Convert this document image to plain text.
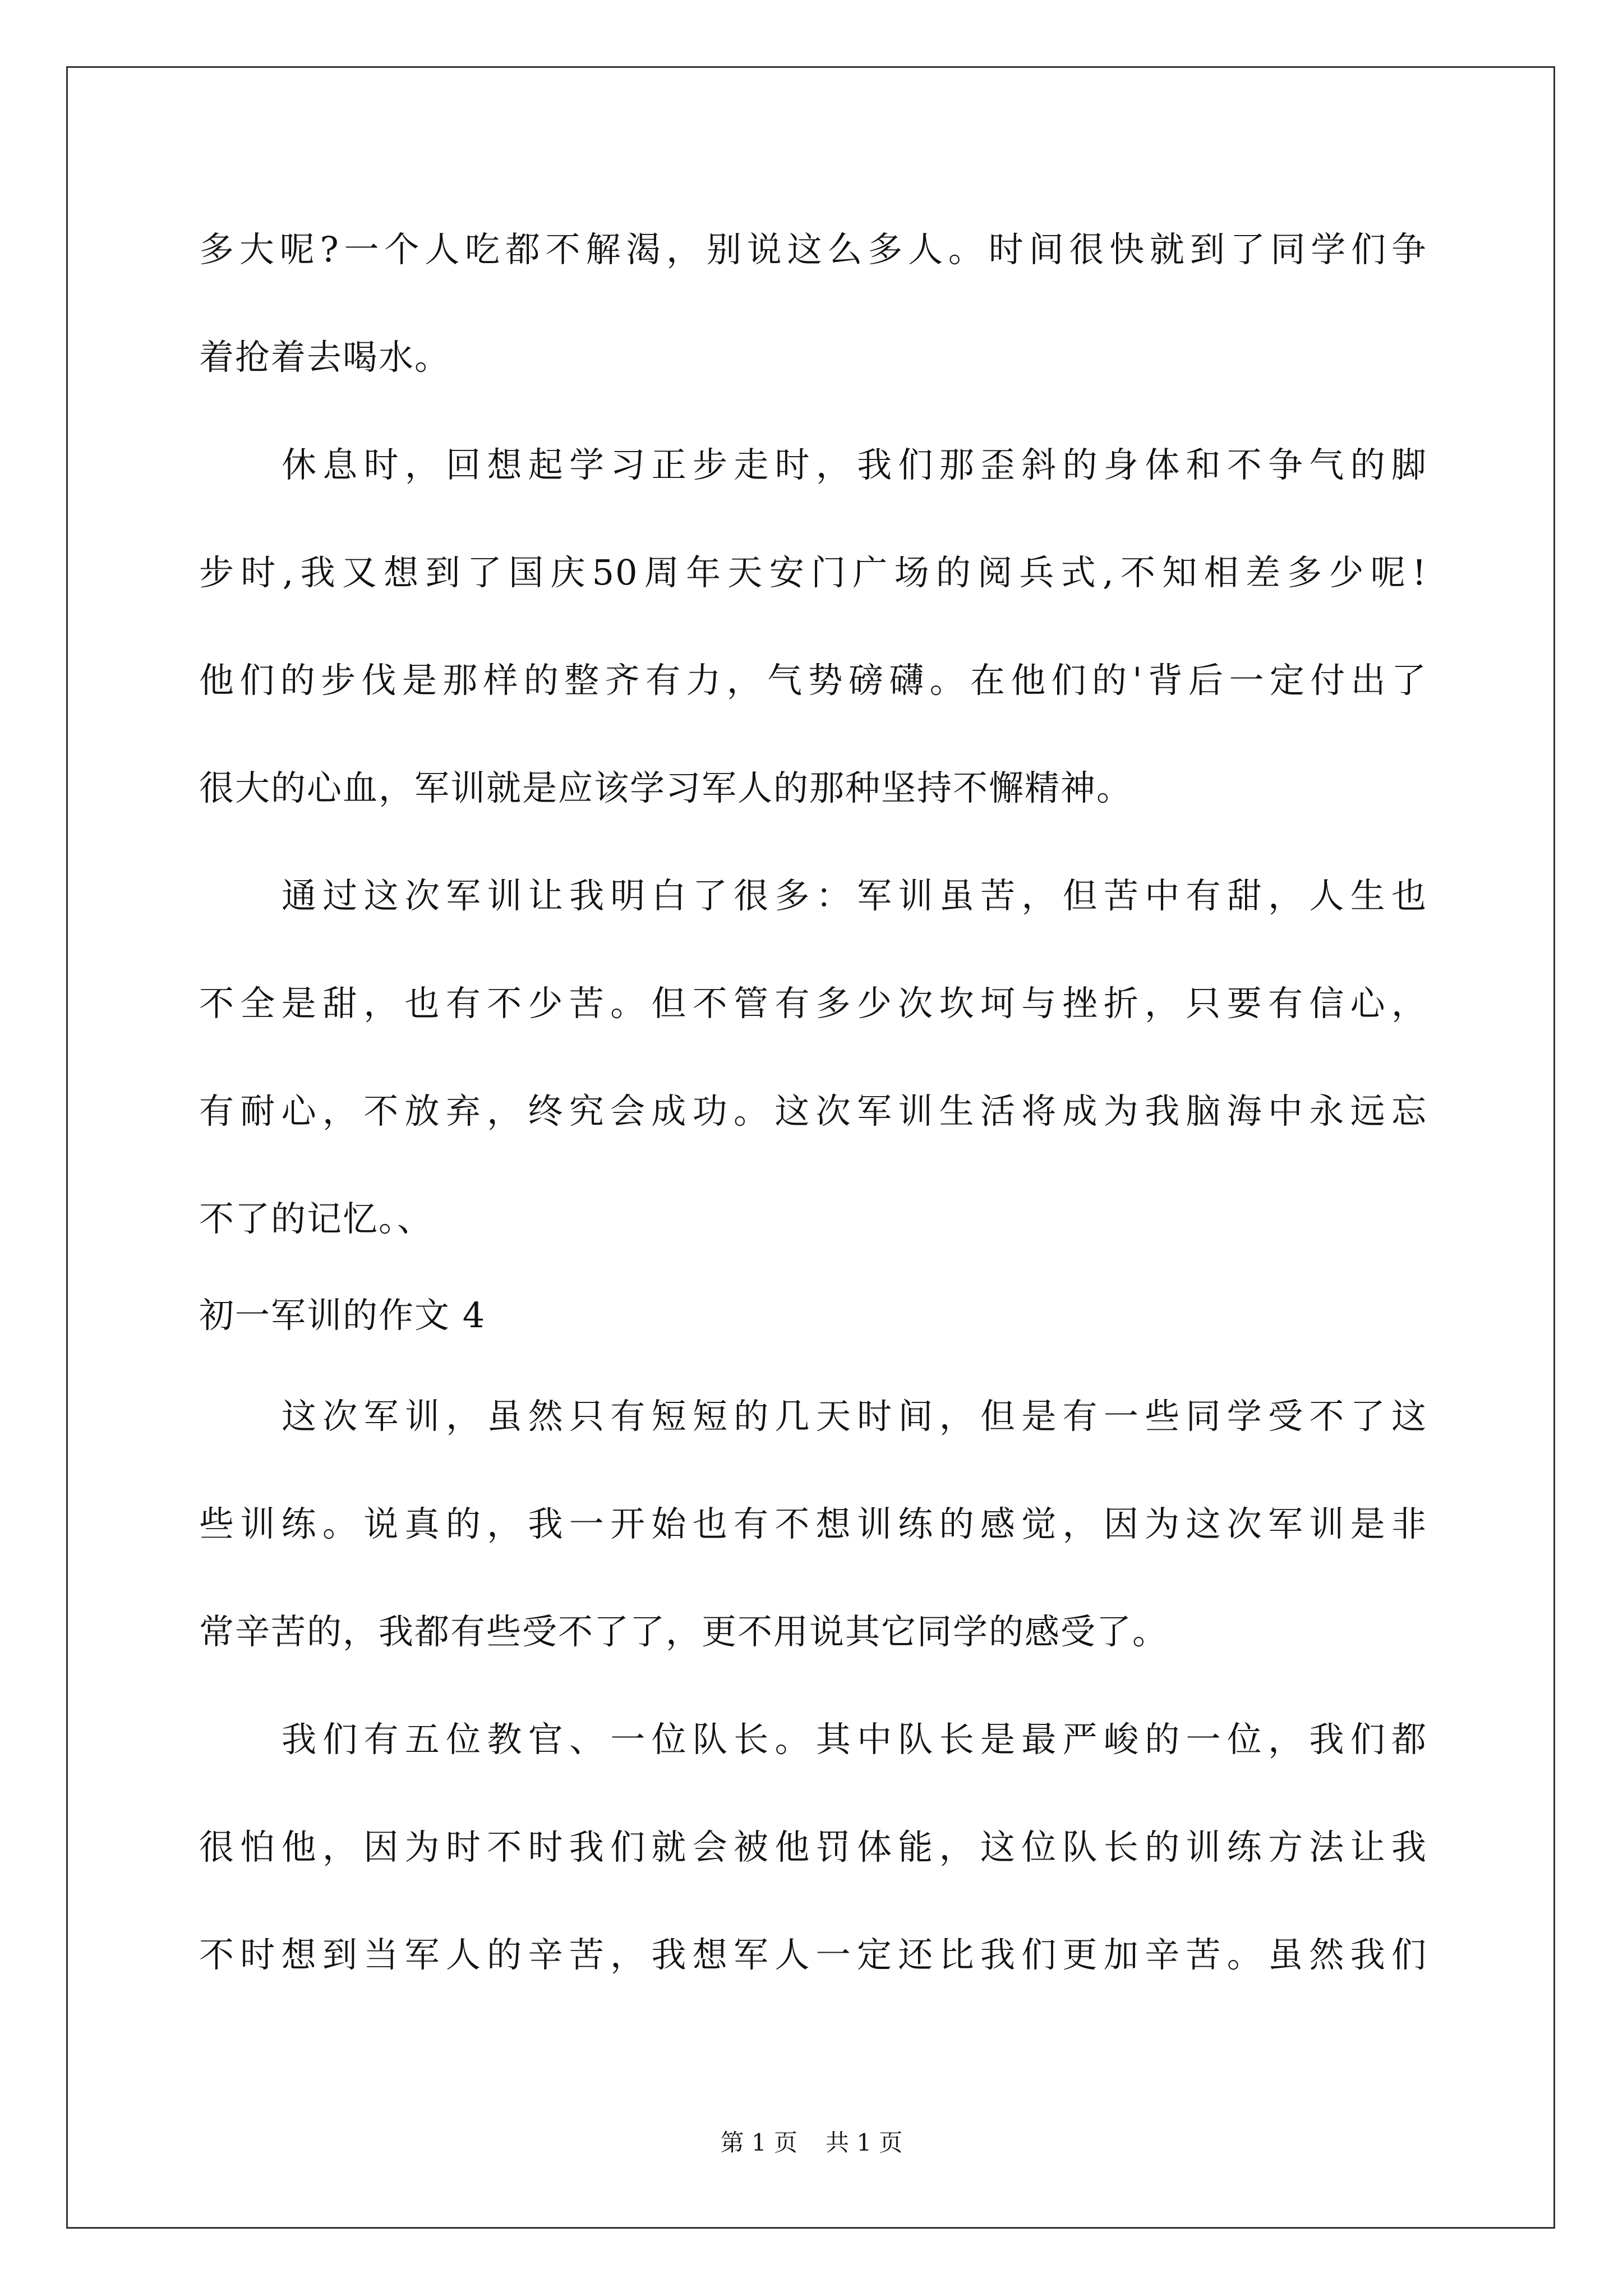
多大呢?一个人吃都不解渴，别说这么多人。时间很快就到了同学们争

着抢着去喝水。

休息时，回想起学习正步走时，我们那歪斜的身体和不争气的脚

步时,我又想到了国庆50周年天安门广场的阅兵式,不知相差多少呢!

他们的步伐是那样的整齐有力，气势磅礴。在他们的'背后一定付出了

很大的心血，军训就是应该学习军人的那种坚持不懈精神。

通过这次军训让我明白了很多：军训虽苦，但苦中有甜，人生也

不全是甜，也有不少苦。但不管有多少次坎坷与挫折，只要有信心，

有耐心，不放弃，终究会成功。这次军训生活将成为我脑海中永远忘

不了的记忆。、

初一军训的作文 4

这次军训，虽然只有短短的几天时间，但是有一些同学受不了这

些训练。说真的，我一开始也有不想训练的感觉，因为这次军训是非

常辛苦的，我都有些受不了了，更不用说其它同学的感受了。

我们有五位教官、一位队长。其中队长是最严峻的一位，我们都

很怕他，因为时不时我们就会被他罚体能，这位队长的训练方法让我

不时想到当军人的辛苦，我想军人一定还比我们更加辛苦。虽然我们

第 1 页 共 1 页
